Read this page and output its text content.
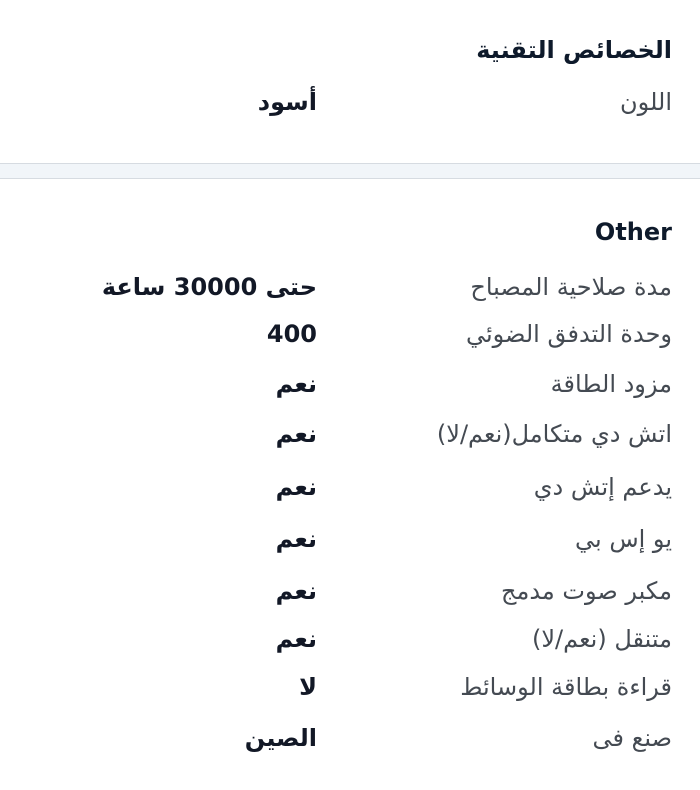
الخصائص التقنية
اللون
أسود
Other
مدة صلاحية المصباح
حتى 30000 ساعة
وحدة التدفق الضوئي
400
مزود الطاقة
نعم
اتش دي متكامل(نعم/لا)
نعم
يدعم إتش دي
نعم
يو إس بي
نعم
مكبر صوت مدمج
نعم
متنقل (نعم/لا)
نعم
قراءة بطاقة الوسائط
لا
صنع فى
الصين
